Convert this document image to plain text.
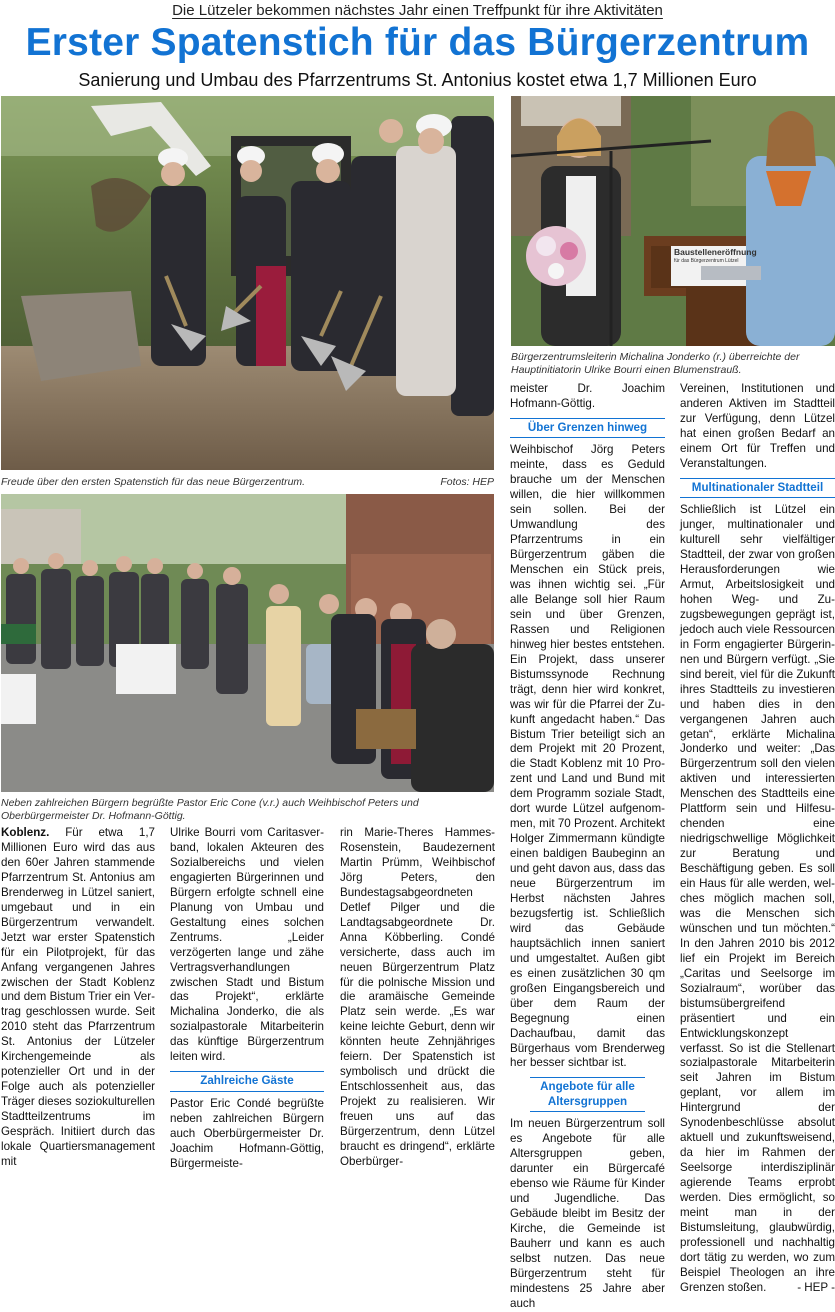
Die Lützeler bekommen nächstes Jahr einen Treffpunkt für ihre Aktivitäten
Erster Spatenstich für das Bürgerzentrum
Sanierung und Umbau des Pfarrzentrums St. Antonius kostet etwa 1,7 Millionen Euro
Freude über den ersten Spatenstich für das neue Bürgerzentrum.	Fotos: HEP
Baustelleneröffnung
für das Bürgerzentrum Lützel
Bürgerzentrumsleiterin Michalina Jonderko (r.) überreichte der Hauptinitiatorin Ulrike Bourri einen Blumenstrauß.
Neben zahlreichen Bürgern begrüßte Pastor Eric Cone (v.r.) auch Weihbischof Peters und Oberbürgermeister Dr. Hofmann-Göttig.

Koblenz. Für etwa 1,7 Millionen Euro wird das aus den 60er Jahren stammende Pfarrzentrum St. Antonius am Brenderweg in Lützel saniert, umgebaut und in ein Bürgerzentrum verwandelt. Jetzt war erster Spatenstich für ein Pilotprojekt, für das Anfang vergangenen Jahres zwischen der Stadt Koblenz und dem Bistum Trier ein Vertrag geschlossen wurde. Seit 2010 steht das Pfarrzentrum St. Antonius der Lützeler Kirchengemeinde als potenzieller Ort und in der Folge auch als potenzieller Träger dieses soziokulturellen Stadtteilzentrums im Gespräch. Initiiert durch das lokale Quartiersmanagement mit

Ulrike Bourri vom Caritasverband, lokalen Akteuren des Sozialbereichs und vielen engagierten Bürgerinnen und Bürgern erfolgte schnell eine Planung von Umbau und Gestaltung eines solchen Zentrums. „Leider verzögerten lange und zähe Vertragsverhandlungen zwischen Stadt und Bistum das Projekt“, erklärte Michalina Jonderko, die als sozialpastorale Mitarbeiterin das künftige Bürgerzentrum leiten wird.

Zahlreiche Gäste

Pastor Eric Condé begrüßte neben zahlreichen Bürgern auch Oberbürgermeister Dr. Joachim Hofmann-Göttig, Bürgermeiste-

rin Marie-Theres Hammes-Rosenstein, Baudezernent Martin Prümm, Weihbischof Jörg Peters, den Bundestagsabgeordneten Detlef Pilger und die Landtagsabgeordnete Dr. Anna Köbberling. Condé versicherte, dass auch im neuen Bürgerzentrum Platz für die polnische Mission und die aramäische Gemeinde Platz sein werde. „Es war keine leichte Geburt, denn wir könnten heute Zehnjähriges feiern. Der Spatenstich ist symbolisch und drückt die Entschlossenheit aus, das Projekt zu realisieren. Wir freuen uns auf das Bürgerzentrum, denn Lützel braucht es dringend“, erklärte Oberbürger-

meister Dr. Joachim Hofmann-Göttig.

Über Grenzen hinweg

Weihbischof Jörg Peters meinte, dass es Geduld brauche um der Menschen willen, die hier willkommen sein sollen. Bei der Umwandlung des Pfarrzentrums in ein Bürgerzentrum gäben die Menschen ein Stück preis, was ihnen wichtig sei. „Für alle Belange soll hier Raum sein und über Grenzen, Rassen und Religionen hinweg hier bestes entstehen. Ein Projekt, dass unserer Bistumssynode Rechnung trägt, denn hier wird konkret, was wir für die Pfarrei der Zukunft angedacht haben.“ Das Bistum Trier beteiligt sich an dem Projekt mit 20 Prozent, die Stadt Koblenz mit 10 Prozent und Land und Bund mit dem Programm soziale Stadt, dort wurde Lützel aufgenommen, mit 70 Prozent. Architekt Holger Zimmermann kündigte einen baldigen Baubeginn an und geht davon aus, dass das neue Bürgerzentrum im Herbst nächsten Jahres bezugsfertig ist. Schließlich wird das Gebäude hauptsächlich innen saniert und umgestaltet. Außen gibt es einen zusätzlichen 30 qm großen Eingangsbereich und über dem Raum der Begegnung einen Dachaufbau, damit das Bürgerhaus vom Brenderweg her besser sichtbar ist.

Angebote für alle Altersgruppen

Im neuen Bürgerzentrum soll es Angebote für alle Altersgruppen geben, darunter ein Bürgercafé ebenso wie Räume für Kinder und Jugendliche. Das Gebäude bleibt im Besitz der Kirche, die Gemeinde ist Bauherr und kann es auch selbst nutzen. Das neue Bürgerzentrum steht für mindestens 25 Jahre aber auch

Vereinen, Institutionen und anderen Aktiven im Stadtteil zur Verfügung, denn Lützel hat einen großen Bedarf an einem Ort für Treffen und Veranstaltungen.

Multinationaler Stadtteil

Schließlich ist Lützel ein junger, multinationaler und kulturell sehr vielfältiger Stadtteil, der zwar von großen Herausforderungen wie Armut, Arbeitslosigkeit und hohen Weg- und Zuzugsbewegungen geprägt ist, jedoch auch viele Ressourcen in Form engagierter Bürgerinnen und Bürgern verfügt. „Sie sind bereit, viel für die Zukunft ihres Stadtteils zu investieren und haben dies in den vergangenen Jahren auch getan“, erklärte Michalina Jonderko und weiter: „Das Bürgerzentrum soll den vielen aktiven und interessierten Menschen des Stadtteils eine Plattform sein und Hilfesuchenden eine niedrigschwellige Möglichkeit zur Beratung und Beschäftigung geben. Es soll ein Haus für alle werden, welches möglich machen soll, was die Menschen sich wünschen und tun möchten.“ In den Jahren 2010 bis 2012 lief ein Projekt im Bereich „Caritas und Seelsorge im Sozialraum“, worüber das bistumsübergreifend präsentiert und ein Entwicklungskonzept verfasst. So ist die Stellenart sozialpastorale Mitarbeiterin seit Jahren im Bistum geplant, vor allem im Hintergrund der Synodenbeschlüsse absolut aktuell und zukunftsweisend, da hier im Rahmen der Seelsorge interdisziplinär agierende Teams erprobt werden. Dies ermöglicht, so meint man in der Bistumsleitung, glaubwürdig, professionell und nachhaltig dort tätig zu werden, wo zum Beispiel Theologen an ihre Grenzen stoßen.	- HEP -
